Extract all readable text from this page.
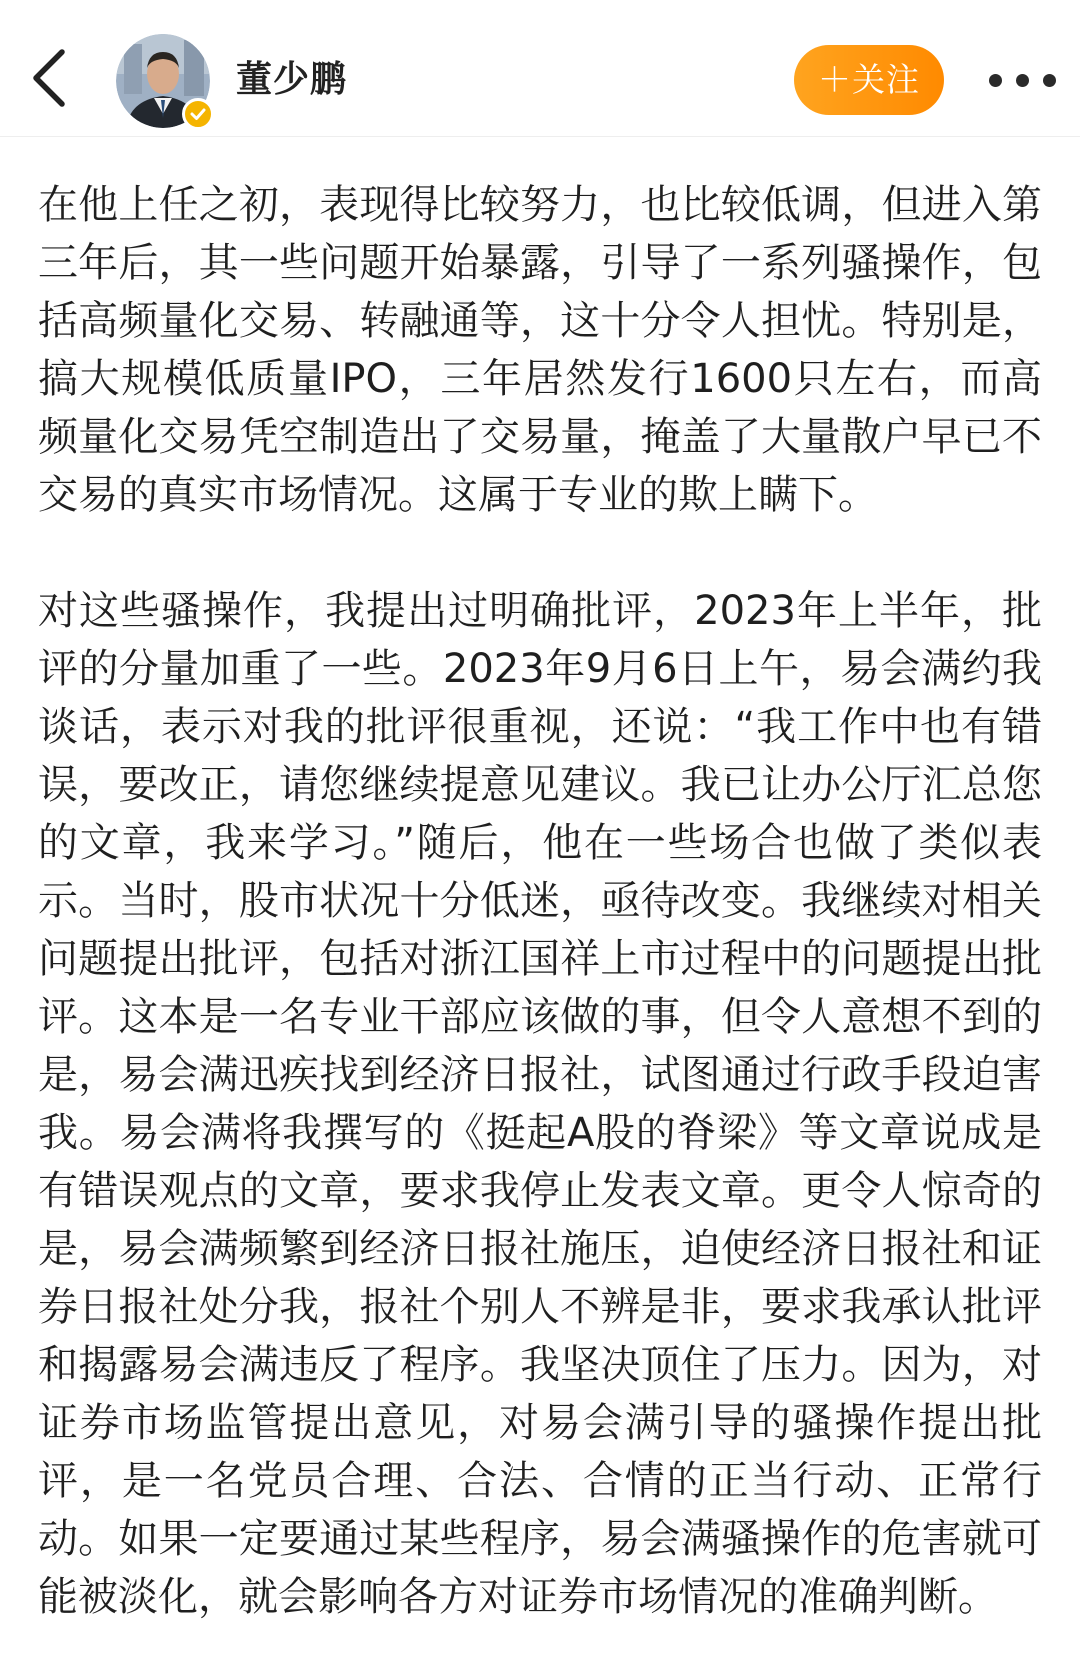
董少鹏	＋关注

在他上任之初，表现得比较努力，也比较低调，但进入第三年后，其一些问题开始暴露，引导了一系列骚操作，包括高频量化交易、转融通等，这十分令人担忧。特别是，搞大规模低质量IPO，三年居然发行1600只左右，而高频量化交易凭空制造出了交易量，掩盖了大量散户早已不交易的真实市场情况。这属于专业的欺上瞒下。

对这些骚操作，我提出过明确批评，2023年上半年，批评的分量加重了一些。2023年9月6日上午，易会满约我谈话，表示对我的批评很重视，还说：“我工作中也有错误，要改正，请您继续提意见建议。我已让办公厅汇总您的文章，我来学习。”随后，他在一些场合也做了类似表示。当时，股市状况十分低迷，亟待改变。我继续对相关问题提出批评，包括对浙江国祥上市过程中的问题提出批评。这本是一名专业干部应该做的事，但令人意想不到的是，易会满迅疾找到经济日报社，试图通过行政手段迫害我。易会满将我撰写的《挺起A股的脊梁》等文章说成是有错误观点的文章，要求我停止发表文章。更令人惊奇的是，易会满频繁到经济日报社施压，迫使经济日报社和证券日报社处分我，报社个别人不辨是非，要求我承认批评和揭露易会满违反了程序。我坚决顶住了压力。因为，对证券市场监管提出意见，对易会满引导的骚操作提出批评，是一名党员合理、合法、合情的正当行动、正常行动。如果一定要通过某些程序，易会满骚操作的危害就可能被淡化，就会影响各方对证券市场情况的准确判断。
